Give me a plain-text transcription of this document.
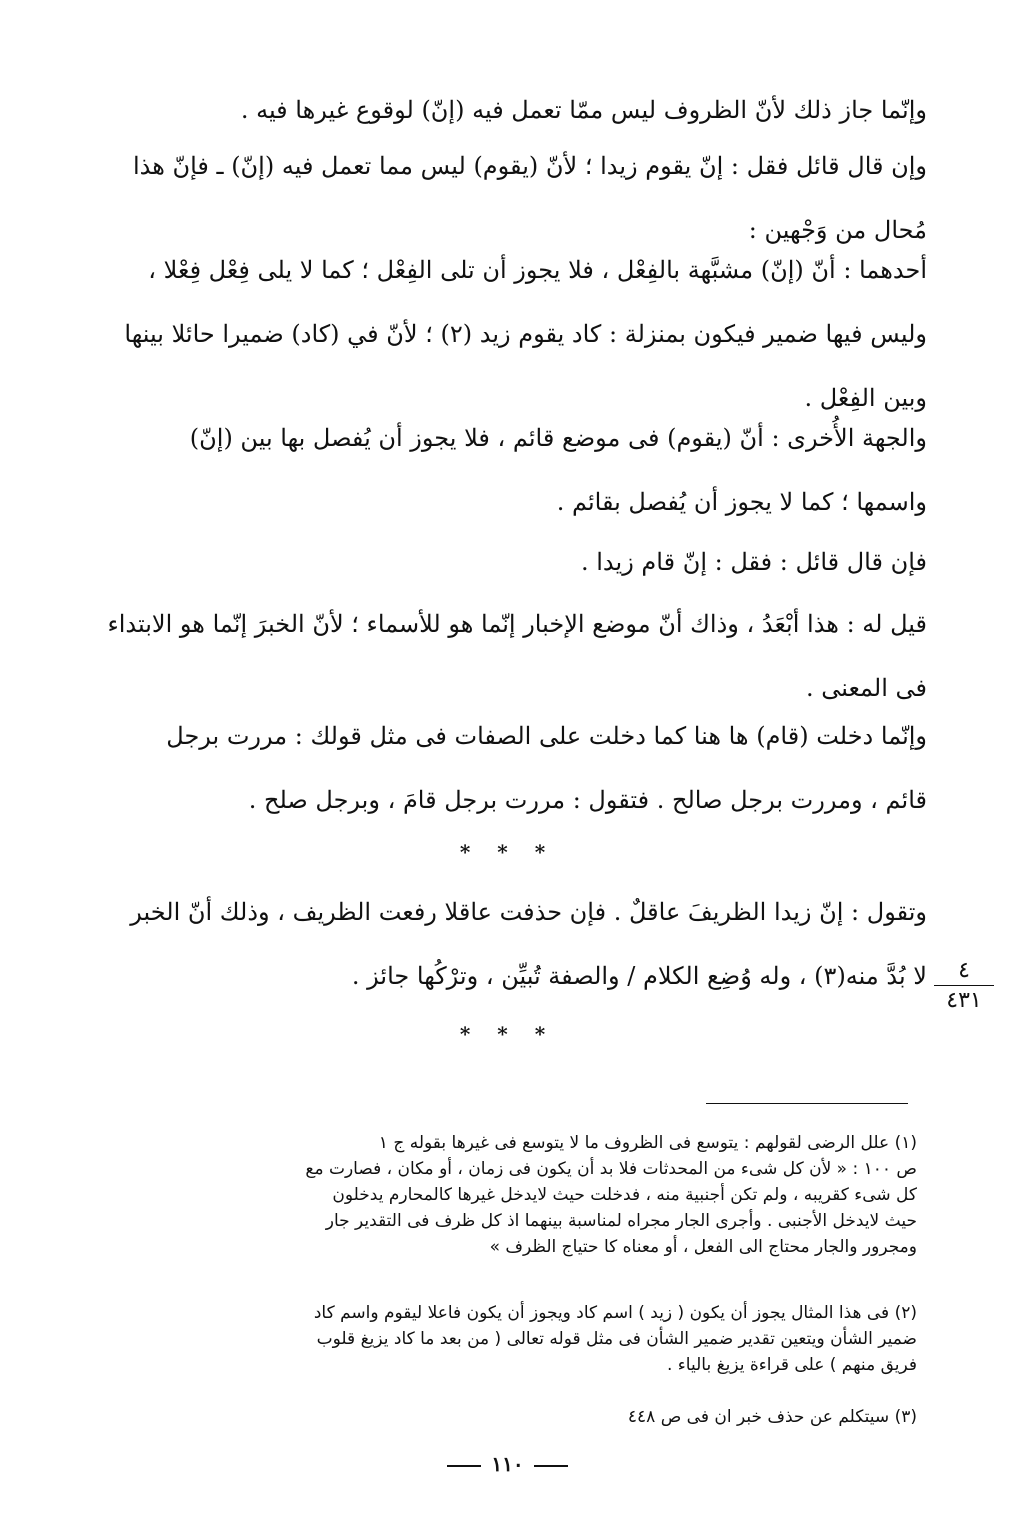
وإنّما جاز ذلك لأنّ الظروف ليس ممّا تعمل فيه (إنّ) لوقوع غيرها فيه .
وإن قال قائل فقل : إنّ يقوم زيدا ؛ لأنّ (يقوم) ليس مما تعمل فيه (إنّ) ـ فإنّ هذا
مُحال من وَجْهين :
أحدهما : أنّ (إنّ) مشبَّهة بالفِعْل ، فلا يجوز أن تلى الفِعْل ؛ كما لا يلى فِعْل فِعْلا ،
وليس فيها ضمير فيكون بمنزلة : كاد يقوم زيد (٢) ؛ لأنّ في (كاد) ضميرا حائلا بينها
وبين الفِعْل .
والجهة الأُخرى : أنّ (يقوم) فى موضع قائم ، فلا يجوز أن يُفصل بها بين (إنّ)
واسمها ؛ كما لا يجوز أن يُفصل بقائم .
فإن قال قائل : فقل : إنّ قام زيدا .
قيل له : هذا أبْعَدُ ، وذاك أنّ موضع الإخبار إنّما هو للأسماء ؛ لأنّ الخبرَ إنّما هو الابتداء
فى المعنى .
وإنّما دخلت (قام) ها هنا كما دخلت على الصفات فى مثل قولك : مررت برجل
قائم ، ومررت برجل صالح . فتقول : مررت برجل قامَ ، وبرجل صلح .
* * *
وتقول : إنّ زيدا الظريفَ عاقلٌ . فإن حذفت عاقلا رفعت الظريف ، وذلك أنّ الخبر
لا بُدَّ منه(٣) ، وله وُضِع الكلام / والصفة تُبيِّن ، وترْكُها جائز .	٤
٤٣١
* * *
(١) علل الرضى لقولهم : يتوسع فى الظروف ما لا يتوسع فى غيرها بقوله ج ١
ص ١٠٠ : « لأن كل شىء من المحدثات فلا بد أن يكون فى زمان ، أو مكان ، فصارت مع
كل شىء كقريبه ، ولم تكن أجنبية منه ، فدخلت حيث لايدخل غيرها كالمحارم يدخلون
حيث لايدخل الأجنبى . وأجرى الجار مجراه لمناسبة بينهما اذ كل ظرف فى التقدير جار
ومجرور والجار محتاج الى الفعل ، أو معناه كا حتياج الظرف »
(٢) فى هذا المثال يجوز أن يكون ( زيد ) اسم كاد ويجوز أن يكون فاعلا ليقوم واسم كاد
ضمير الشأن ويتعين تقدير ضمير الشأن فى مثل قوله تعالى ( من بعد ما كاد يزيغ قلوب
فريق منهم ) على قراءة يزيغ بالياء .
(٣) سيتكلم عن حذف خبر ان فى ص ٤٤٨
١١٠
